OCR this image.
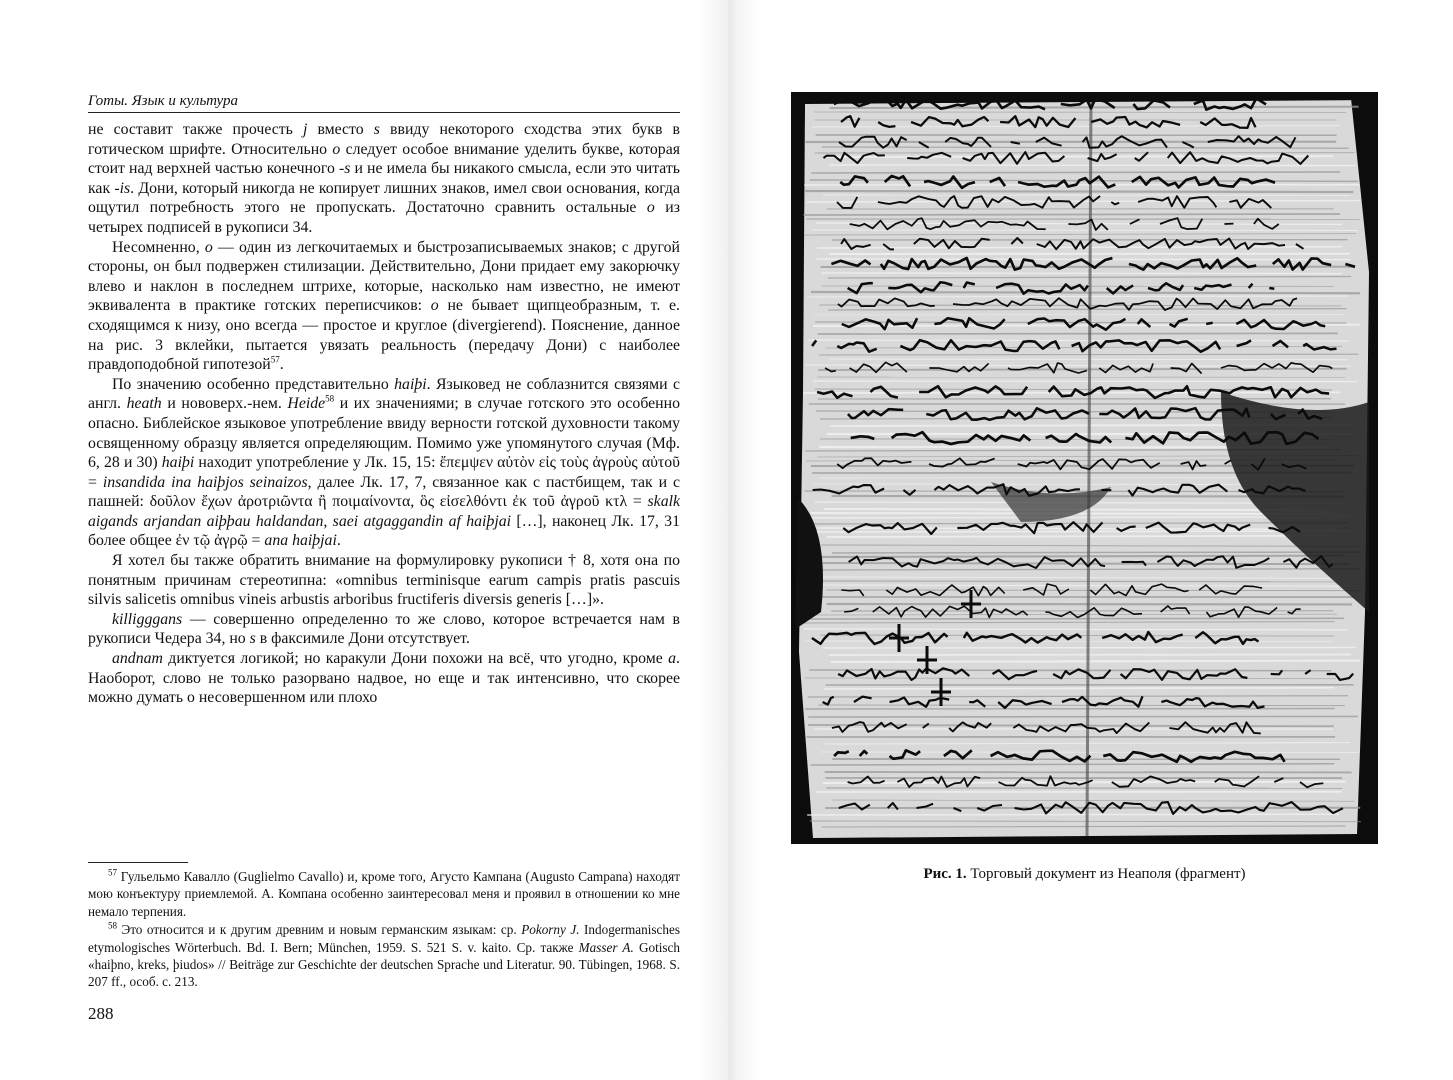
Готы. Язык и культура

не составит также прочесть j вместо s ввиду некоторого сходства этих букв в готическом шрифте. Относительно o следует особое внимание уделить букве, которая стоит над верхней частью конечного -s и не имела бы никакого смысла, если это читать как -is. Дони, который никогда не копирует лишних знаков, имел свои основания, когда ощутил потребность этого не пропускать. Достаточно сравнить остальные o из четырех подписей в рукописи 34.

Несомненно, o — один из легкочитаемых и быстрозаписываемых знаков; с другой стороны, он был подвержен стилизации. Действительно, Дони придает ему закорючку влево и наклон в последнем штрихе, которые, насколько нам известно, не имеют эквивалента в практике готских переписчиков: o не бывает щипцеобразным, т. е. сходящимся к низу, оно всегда — простое и круглое (divergierend). Пояснение, данное на рис. 3 вклейки, пытается увязать реальность (передачу Дони) с наиболее правдоподобной гипотезой$^{57}$.

По значению особенно представительно haiþi. Языковед не соблазнится связями с англ. heath и нововерх.-нем. Heide$^{58}$ и их значениями; в случае готского это особенно опасно. Библейское языковое употребление ввиду верности готской духовности такому освященному образцу является определяющим. Помимо уже упомянутого случая (Мф. 6, 28 и 30) haiþi находит употребление у Лк. 15, 15: ἔπεμψεν αὐτὸν εἰς τοὺς ἀγροὺς αὐτοῦ = insandida ina haiþjos seinaizos, далее Лк. 17, 7, связанное как с пастбищем, так и с пашней: δοῦλον ἔχων ἀροτριῶντα ἢ ποιμαίνοντα, ὃς εἰσελθόντι ἐκ τοῦ ἀγροῦ κτλ = skalk aigands arjandan aiþþau haldandan, saei atgaggandin af haiþjai […], наконец Лк. 17, 31 более общее ἐν τῷ ἀγρῷ = ana haiþjai.

Я хотел бы также обратить внимание на формулировку рукописи † 8, хотя она по понятным причинам стереотипна: «omnibus terminisque earum campis pratis pascuis silvis salicetis omnibus vineis arbustis arboribus fructiferis diversis generis […]».

killigggans — совершенно определенно то же слово, которое встречается нам в рукописи Чедера 34, но s в факсимиле Дони отсутствует.

andnam диктуется логикой; но каракули Дони похожи на всё, что угодно, кроме a. Наоборот, слово не только разорвано надвое, но еще и так интенсивно, что скорее можно думать о несовершенном или плохо

$^{57}$ Гульельмо Кавалло (Guglielmo Cavallo) и, кроме того, Агусто Кампана (Augusto Campana) находят мою конъектуру приемлемой. А. Компана особенно заинтересовал меня и проявил в отношении ко мне немало терпения.

$^{58}$ Это относится и к другим древним и новым германским языкам: ср. Pokorny J. Indogermanisches etymologisches Wörterbuch. Bd. I. Bern; München, 1959. S. 521 S. v. kaito. Ср. также Masser A. Gotisch «haiþno, kreks, þiudos» // Beiträge zur Geschichte der deutschen Sprache und Literatur. 90. Tübingen, 1968. S. 207 ff., особ. с. 213.

288
Рис. 1. Торговый документ из Неаполя (фрагмент)
